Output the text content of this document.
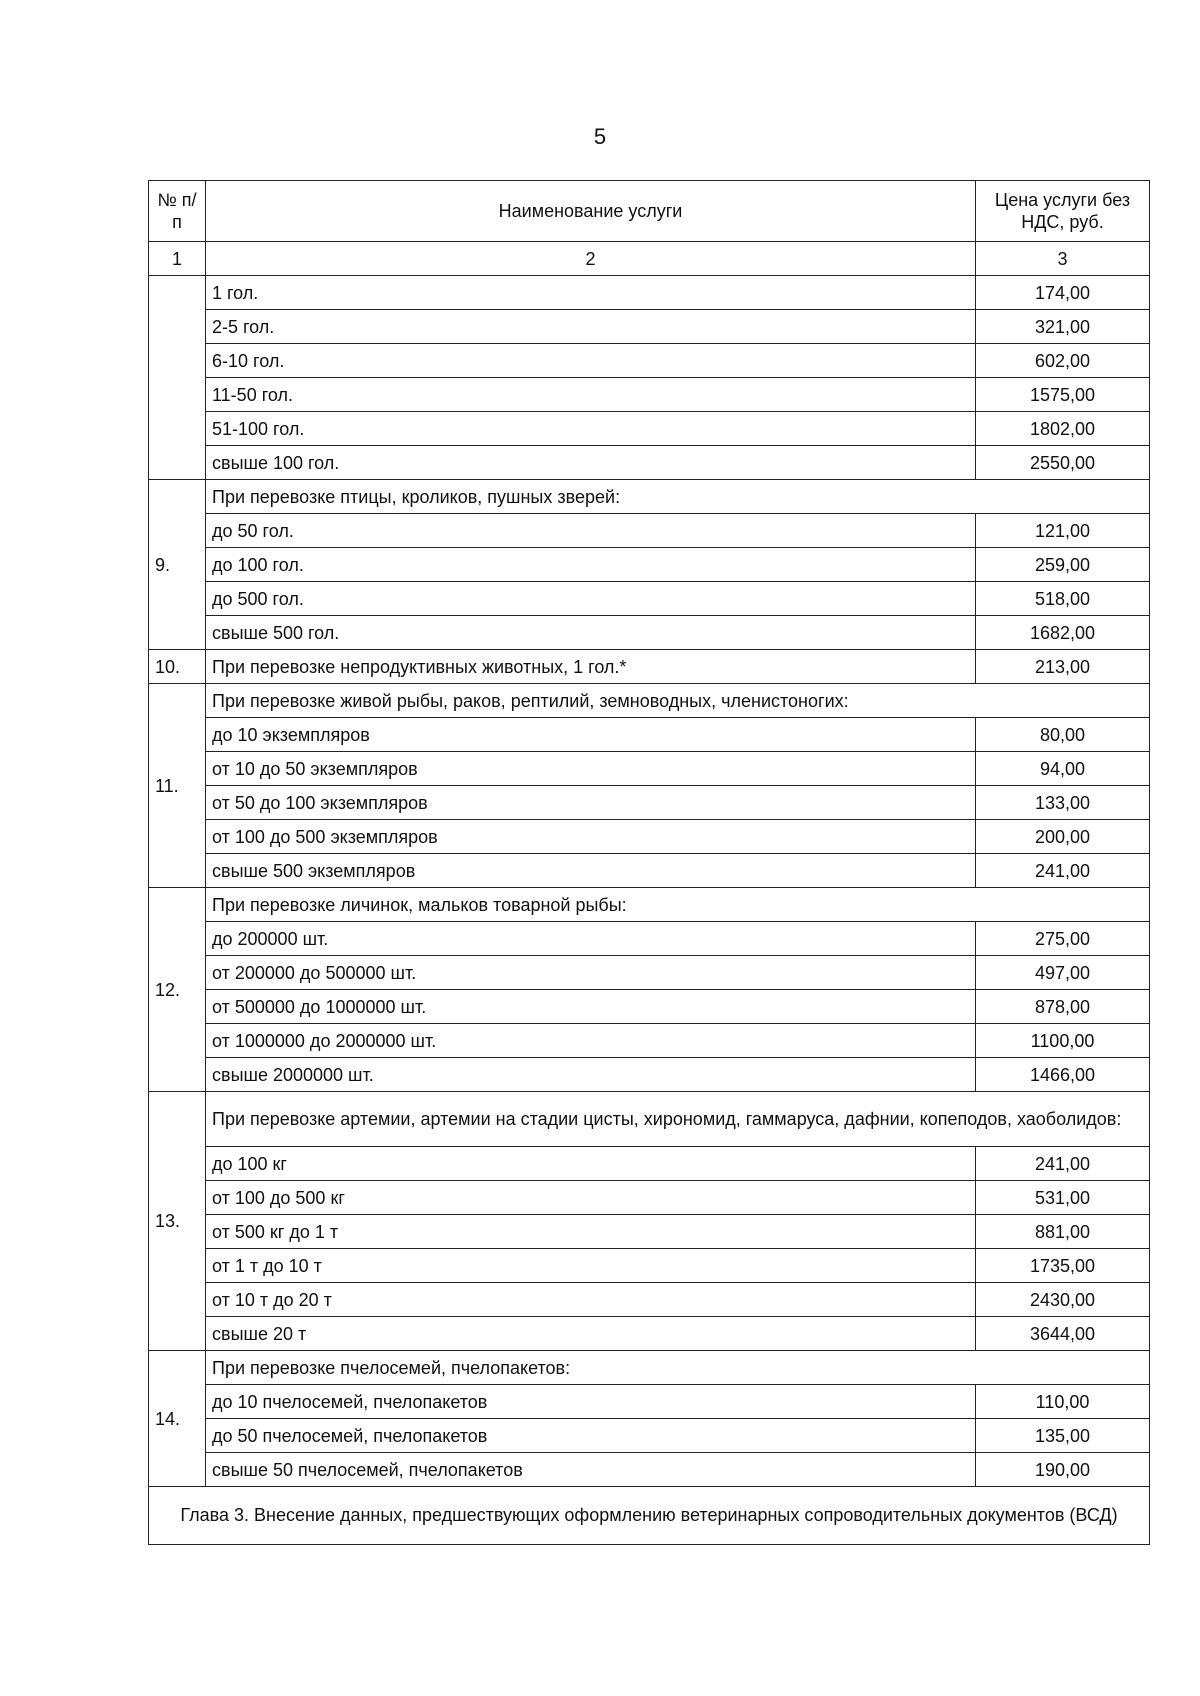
5
№ п/п	Наименование услуги	Цена услуги без НДС, руб.
1	2	3
	1 гол.	174,00
	2-5 гол.	321,00
	6-10 гол.	602,00
	11-50 гол.	1575,00
	51-100 гол.	1802,00
	свыше 100 гол.	2550,00
9.	При перевозке птицы, кроликов, пушных зверей:	
	до 50 гол.	121,00
	до 100 гол.	259,00
	до 500 гол.	518,00
	свыше 500 гол.	1682,00
10.	При перевозке непродуктивных животных, 1 гол.*	213,00
11.	При перевозке живой рыбы, раков, рептилий, земноводных, членистоногих:	
	до 10 экземпляров	80,00
	от 10 до 50 экземпляров	94,00
	от 50 до 100 экземпляров	133,00
	от 100 до 500 экземпляров	200,00
	свыше 500 экземпляров	241,00
12.	При перевозке личинок, мальков товарной рыбы:	
	до 200000 шт.	275,00
	от 200000 до 500000 шт.	497,00
	от 500000 до 1000000 шт.	878,00
	от 1000000 до 2000000 шт.	1100,00
	свыше 2000000 шт.	1466,00
13.	При перевозке артемии, артемии на стадии цисты, хирономид, гаммаруса, дафнии, копеподов, хаоболидов:	
	до 100 кг	241,00
	от 100 до 500 кг	531,00
	от 500 кг до 1 т	881,00
	от 1 т до 10 т	1735,00
	от 10 т до 20 т	2430,00
	свыше 20 т	3644,00
14.	При перевозке пчелосемей, пчелопакетов:	
	до 10 пчелосемей, пчелопакетов	110,00
	до 50 пчелосемей, пчелопакетов	135,00
	свыше 50 пчелосемей, пчелопакетов	190,00
Глава 3. Внесение данных, предшествующих оформлению ветеринарных сопроводительных документов (ВСД)		
